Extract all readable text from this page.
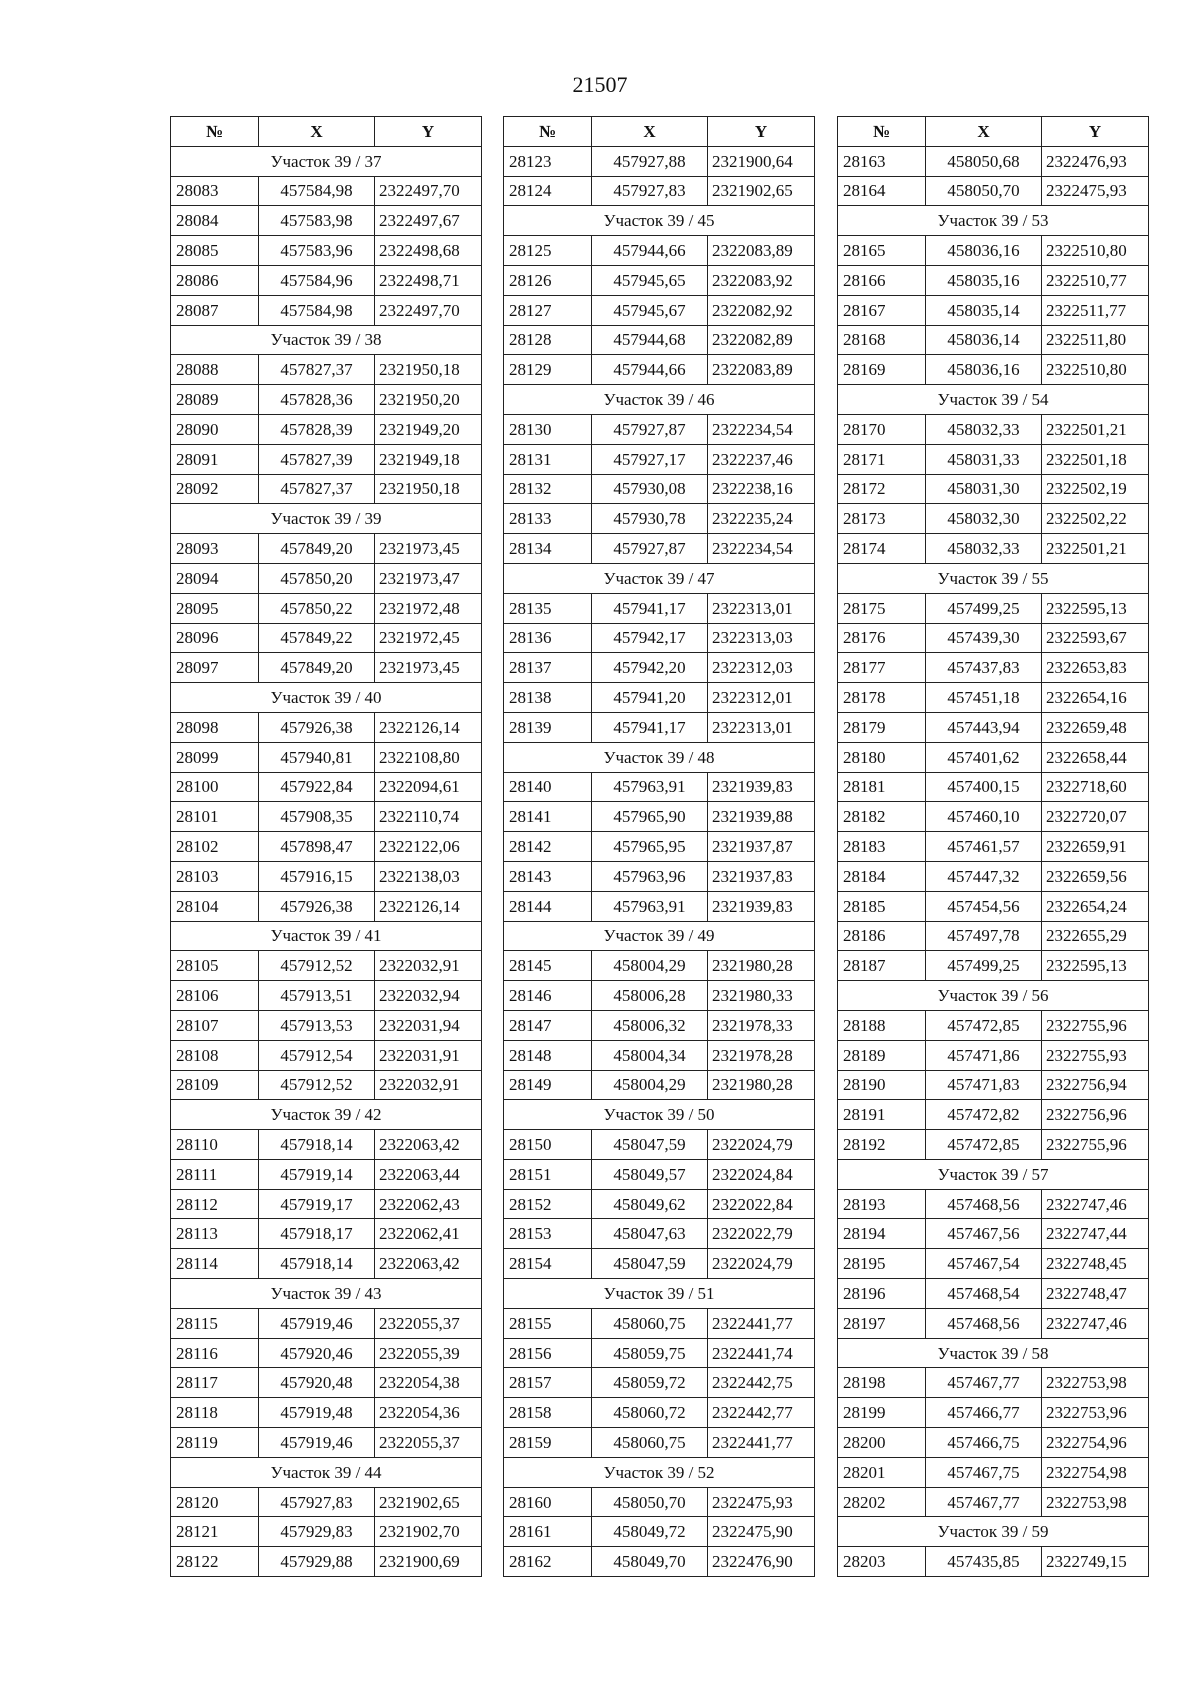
21507
№	X	Y
Участок 39 / 37		
28083	457584,98	2322497,70
28084	457583,98	2322497,67
28085	457583,96	2322498,68
28086	457584,96	2322498,71
28087	457584,98	2322497,70
Участок 39 / 38		
28088	457827,37	2321950,18
28089	457828,36	2321950,20
28090	457828,39	2321949,20
28091	457827,39	2321949,18
28092	457827,37	2321950,18
Участок 39 / 39		
28093	457849,20	2321973,45
28094	457850,20	2321973,47
28095	457850,22	2321972,48
28096	457849,22	2321972,45
28097	457849,20	2321973,45
Участок 39 / 40		
28098	457926,38	2322126,14
28099	457940,81	2322108,80
28100	457922,84	2322094,61
28101	457908,35	2322110,74
28102	457898,47	2322122,06
28103	457916,15	2322138,03
28104	457926,38	2322126,14
Участок 39 / 41		
28105	457912,52	2322032,91
28106	457913,51	2322032,94
28107	457913,53	2322031,94
28108	457912,54	2322031,91
28109	457912,52	2322032,91
Участок 39 / 42		
28110	457918,14	2322063,42
28111	457919,14	2322063,44
28112	457919,17	2322062,43
28113	457918,17	2322062,41
28114	457918,14	2322063,42
Участок 39 / 43		
28115	457919,46	2322055,37
28116	457920,46	2322055,39
28117	457920,48	2322054,38
28118	457919,48	2322054,36
28119	457919,46	2322055,37
Участок 39 / 44		
28120	457927,83	2321902,65
28121	457929,83	2321902,70
28122	457929,88	2321900,69
№	X	Y
28123	457927,88	2321900,64
28124	457927,83	2321902,65
Участок 39 / 45		
28125	457944,66	2322083,89
28126	457945,65	2322083,92
28127	457945,67	2322082,92
28128	457944,68	2322082,89
28129	457944,66	2322083,89
Участок 39 / 46		
28130	457927,87	2322234,54
28131	457927,17	2322237,46
28132	457930,08	2322238,16
28133	457930,78	2322235,24
28134	457927,87	2322234,54
Участок 39 / 47		
28135	457941,17	2322313,01
28136	457942,17	2322313,03
28137	457942,20	2322312,03
28138	457941,20	2322312,01
28139	457941,17	2322313,01
Участок 39 / 48		
28140	457963,91	2321939,83
28141	457965,90	2321939,88
28142	457965,95	2321937,87
28143	457963,96	2321937,83
28144	457963,91	2321939,83
Участок 39 / 49		
28145	458004,29	2321980,28
28146	458006,28	2321980,33
28147	458006,32	2321978,33
28148	458004,34	2321978,28
28149	458004,29	2321980,28
Участок 39 / 50		
28150	458047,59	2322024,79
28151	458049,57	2322024,84
28152	458049,62	2322022,84
28153	458047,63	2322022,79
28154	458047,59	2322024,79
Участок 39 / 51		
28155	458060,75	2322441,77
28156	458059,75	2322441,74
28157	458059,72	2322442,75
28158	458060,72	2322442,77
28159	458060,75	2322441,77
Участок 39 / 52		
28160	458050,70	2322475,93
28161	458049,72	2322475,90
28162	458049,70	2322476,90
№	X	Y
28163	458050,68	2322476,93
28164	458050,70	2322475,93
Участок 39 / 53		
28165	458036,16	2322510,80
28166	458035,16	2322510,77
28167	458035,14	2322511,77
28168	458036,14	2322511,80
28169	458036,16	2322510,80
Участок 39 / 54		
28170	458032,33	2322501,21
28171	458031,33	2322501,18
28172	458031,30	2322502,19
28173	458032,30	2322502,22
28174	458032,33	2322501,21
Участок 39 / 55		
28175	457499,25	2322595,13
28176	457439,30	2322593,67
28177	457437,83	2322653,83
28178	457451,18	2322654,16
28179	457443,94	2322659,48
28180	457401,62	2322658,44
28181	457400,15	2322718,60
28182	457460,10	2322720,07
28183	457461,57	2322659,91
28184	457447,32	2322659,56
28185	457454,56	2322654,24
28186	457497,78	2322655,29
28187	457499,25	2322595,13
Участок 39 / 56		
28188	457472,85	2322755,96
28189	457471,86	2322755,93
28190	457471,83	2322756,94
28191	457472,82	2322756,96
28192	457472,85	2322755,96
Участок 39 / 57		
28193	457468,56	2322747,46
28194	457467,56	2322747,44
28195	457467,54	2322748,45
28196	457468,54	2322748,47
28197	457468,56	2322747,46
Участок 39 / 58		
28198	457467,77	2322753,98
28199	457466,77	2322753,96
28200	457466,75	2322754,96
28201	457467,75	2322754,98
28202	457467,77	2322753,98
Участок 39 / 59		
28203	457435,85	2322749,15
